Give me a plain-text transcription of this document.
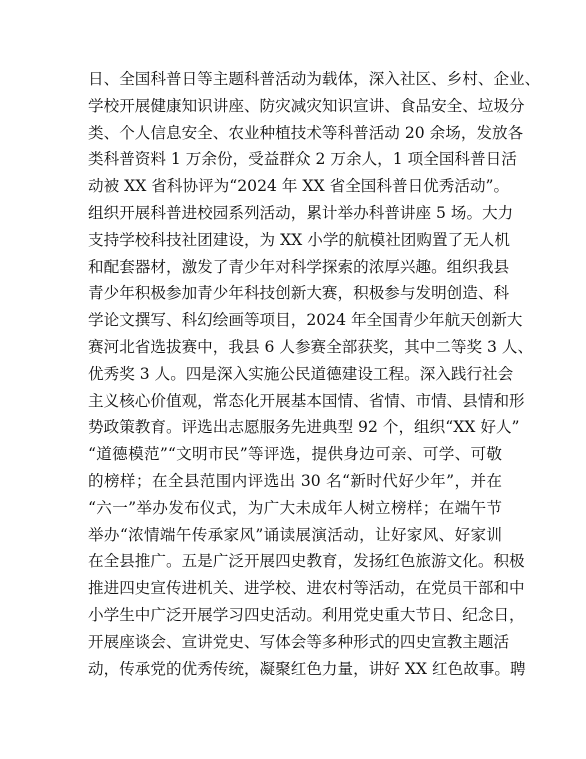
日、全国科普日等主题科普活动为载体，深入社区、乡村、企业、
学校开展健康知识讲座、防灾减灾知识宣讲、食品安全、垃圾分
类、个人信息安全、农业种植技术等科普活动 20 余场，发放各
类科普资料 1 万余份，受益群众 2 万余人，1 项全国科普日活
动被 XX 省科协评为“2024 年 XX 省全国科普日优秀活动”。
组织开展科普进校园系列活动，累计举办科普讲座 5 场。大力
支持学校科技社团建设，为 XX 小学的航模社团购置了无人机
和配套器材，激发了青少年对科学探索的浓厚兴趣。组织我县
青少年积极参加青少年科技创新大赛，积极参与发明创造、科
学论文撰写、科幻绘画等项目，2024 年全国青少年航天创新大
赛河北省选拔赛中，我县 6 人参赛全部获奖，其中二等奖 3 人、
优秀奖 3 人。四是深入实施公民道德建设工程。深入践行社会
主义核心价值观，常态化开展基本国情、省情、市情、县情和形
势政策教育。评选出志愿服务先进典型 92 个，组织“XX 好人”
“道德模范”“文明市民”等评选，提供身边可亲、可学、可敬
的榜样；在全县范围内评选出 30 名“新时代好少年”，并在
“六一”举办发布仪式，为广大未成年人树立榜样；在端午节
举办“浓情端午传承家风”诵读展演活动，让好家风、好家训
在全县推广。五是广泛开展四史教育，发扬红色旅游文化。积极
推进四史宣传进机关、进学校、进农村等活动，在党员干部和中
小学生中广泛开展学习四史活动。利用党史重大节日、纪念日，
开展座谈会、宣讲党史、写体会等多种形式的四史宣教主题活
动，传承党的优秀传统，凝聚红色力量，讲好 XX 红色故事。聘
